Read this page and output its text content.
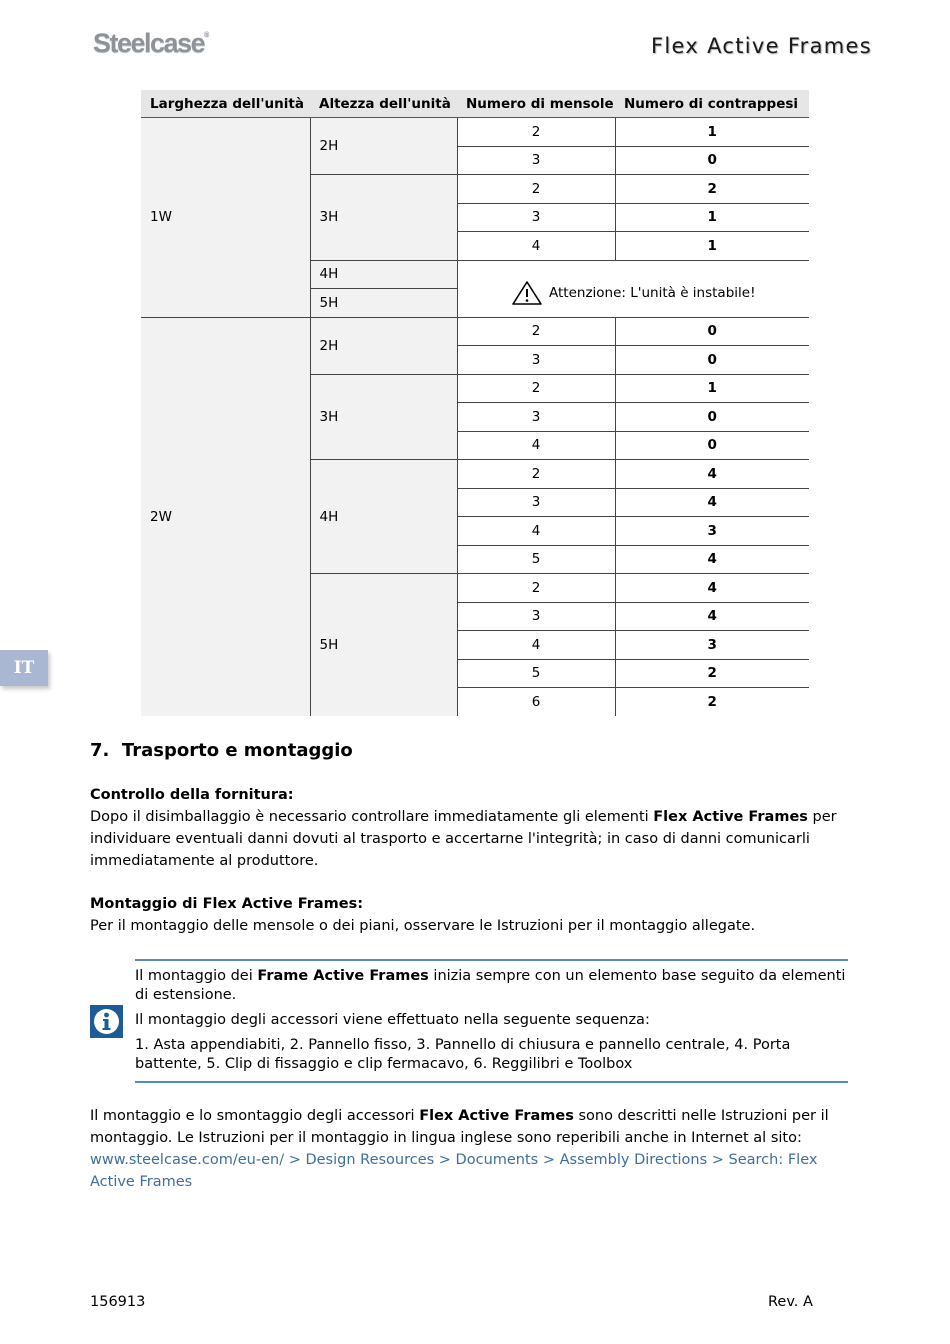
Steelcase®	Flex Active Frames
Larghezza dell'unità	Altezza dell'unità	Numero di mensole	Numero di contrappesi
1W	2H	2	1
		3	0
	3H	2	2
		3	1
		4	1
	4H	Attenzione: L'unità è instabile!	
	5H		
2W	2H	2	0
		3	0
	3H	2	1
		3	0
		4	0
	4H	2	4
		3	4
		4	3
		5	4
	5H	2	4
		3	4
		4	3
		5	2
		6	2
IT
7. Trasporto e montaggio

Controllo della fornitura:
Dopo il disimballaggio è necessario controllare immediatamente gli elementi Flex Active Frames per individuare eventuali danni dovuti al trasporto e accertarne l'integrità; in caso di danni comunicarli immediatamente al produttore.

Montaggio di Flex Active Frames:
Per il montaggio delle mensole o dei piani, osservare le Istruzioni per il montaggio allegate.

Il montaggio dei Frame Active Frames inizia sempre con un elemento base seguito da elementi di estensione.

Il montaggio degli accessori viene effettuato nella seguente sequenza:

1. Asta appendiabiti, 2. Pannello fisso, 3. Pannello di chiusura e pannello centrale, 4. Porta battente, 5. Clip di fissaggio e clip fermacavo, 6. Reggilibri e Toolbox

Il montaggio e lo smontaggio degli accessori Flex Active Frames sono descritti nelle Istruzioni per il montaggio. Le Istruzioni per il montaggio in lingua inglese sono reperibili anche in Internet al sito: www.steelcase.com/eu-en/ > Design Resources > Documents > Assembly Directions > Search: Flex Active Frames

156913	Rev. A
